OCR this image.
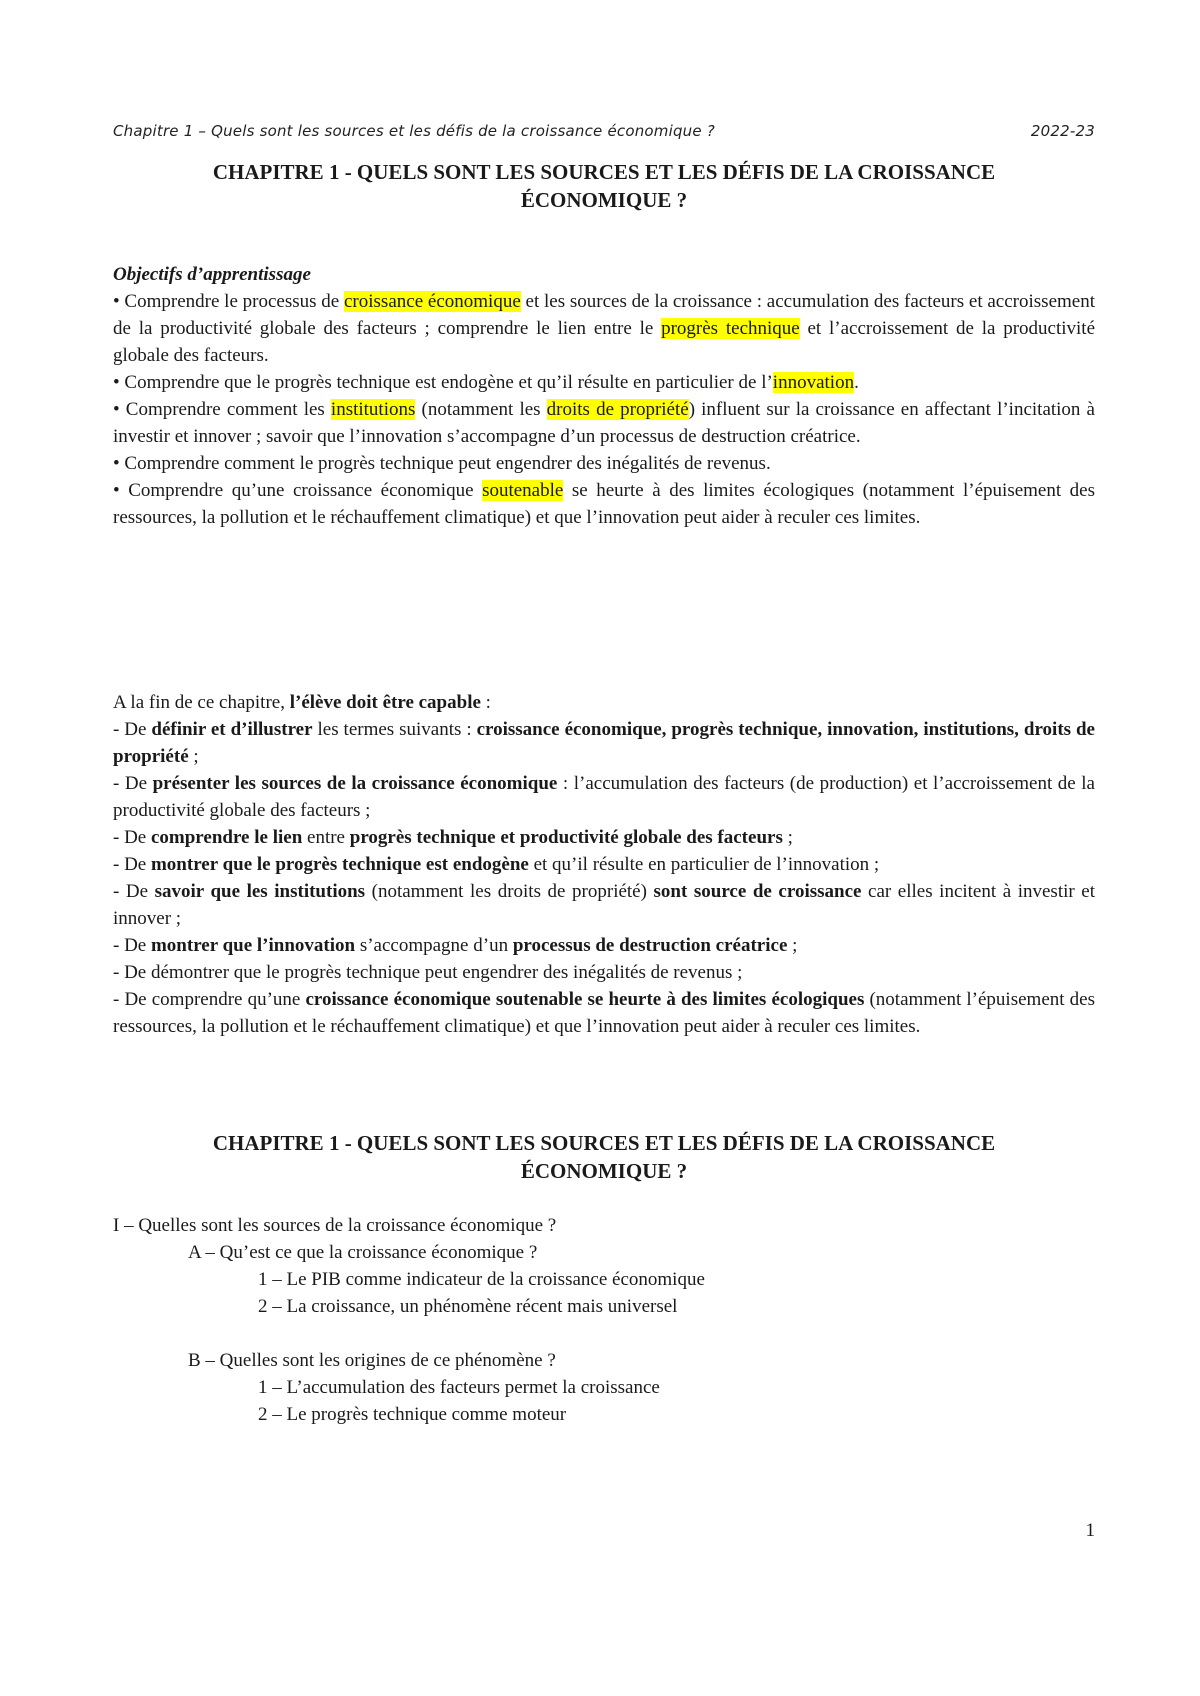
Chapitre 1 – Quels sont les sources et les défis de la croissance économique ?	2022-23
CHAPITRE 1 - QUELS SONT LES SOURCES ET LES DÉFIS DE LA CROISSANCE
ÉCONOMIQUE ?

Objectifs d’apprentissage

• Comprendre le processus de croissance économique et les sources de la croissance : accumulation des facteurs et accroissement de la productivité globale des facteurs ; comprendre le lien entre le progrès technique et l’accroissement de la productivité globale des facteurs.

• Comprendre que le progrès technique est endogène et qu’il résulte en particulier de l’innovation.

• Comprendre comment les institutions (notamment les droits de propriété) influent sur la croissance en affectant l’incitation à investir et innover ; savoir que l’innovation s’accompagne d’un processus de destruction créatrice.

• Comprendre comment le progrès technique peut engendrer des inégalités de revenus.

• Comprendre qu’une croissance économique soutenable se heurte à des limites écologiques (notamment l’épuisement des ressources, la pollution et le réchauffement climatique) et que l’innovation peut aider à reculer ces limites.

A la fin de ce chapitre, l’élève doit être capable :

- De définir et d’illustrer les termes suivants : croissance économique, progrès technique, innovation, institutions, droits de propriété ;

- De présenter les sources de la croissance économique : l’accumulation des facteurs (de production) et l’accroissement de la productivité globale des facteurs ;

- De comprendre le lien entre progrès technique et productivité globale des facteurs ;

- De montrer que le progrès technique est endogène et qu’il résulte en particulier de l’innovation ;

- De savoir que les institutions (notamment les droits de propriété) sont source de croissance car elles incitent à investir et innover ;

- De montrer que l’innovation s’accompagne d’un processus de destruction créatrice ;

- De démontrer que le progrès technique peut engendrer des inégalités de revenus ;

- De comprendre qu’une croissance économique soutenable se heurte à des limites écologiques (notamment l’épuisement des ressources, la pollution et le réchauffement climatique) et que l’innovation peut aider à reculer ces limites.

CHAPITRE 1 - QUELS SONT LES SOURCES ET LES DÉFIS DE LA CROISSANCE
ÉCONOMIQUE ?
I – Quelles sont les sources de la croissance économique ?
A – Qu’est ce que la croissance économique ?
1 – Le PIB comme indicateur de la croissance économique
2 – La croissance, un phénomène récent mais universel
B – Quelles sont les origines de ce phénomène ?
1 – L’accumulation des facteurs permet la croissance
2 – Le progrès technique comme moteur
1
